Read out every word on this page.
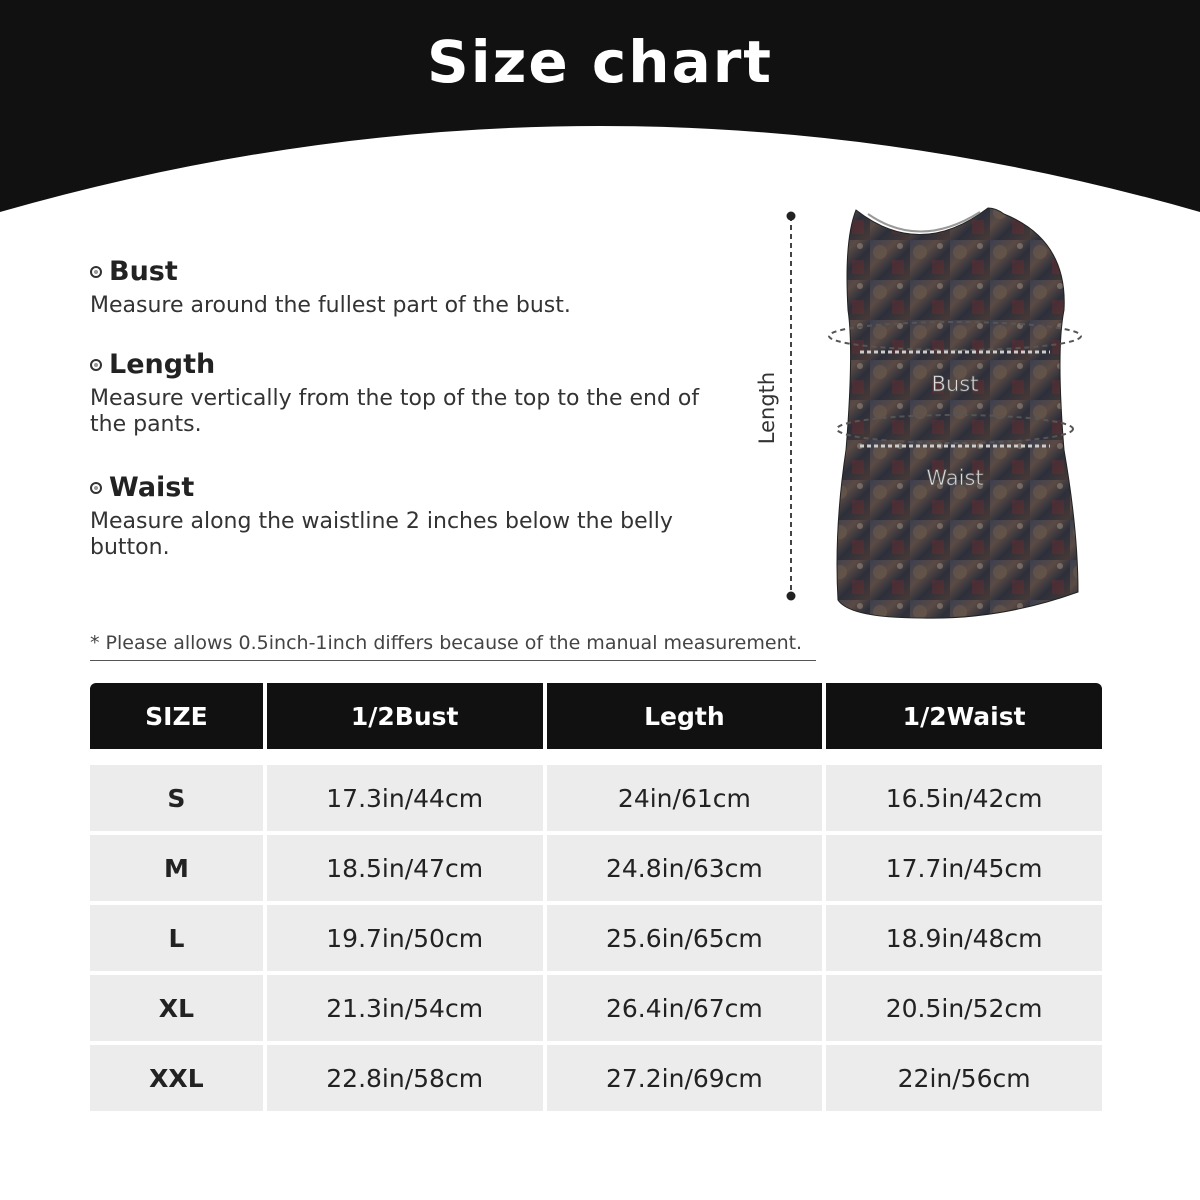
Size chart
Bust
Measure around the fullest part of the bust.
Length
Measure vertically from the top of the top to the end of the pants.
Waist
Measure along the waistline 2 inches below the belly button.
Length	Bust
Waist
* Please allows 0.5inch-1inch differs because of the manual measurement.
SIZE	1/2Bust	Legth	1/2Waist

S	17.3in/44cm	24in/61cm	16.5in/42cm
M	18.5in/47cm	24.8in/63cm	17.7in/45cm
L	19.7in/50cm	25.6in/65cm	18.9in/48cm
XL	21.3in/54cm	26.4in/67cm	20.5in/52cm
XXL	22.8in/58cm	27.2in/69cm	22in/56cm
